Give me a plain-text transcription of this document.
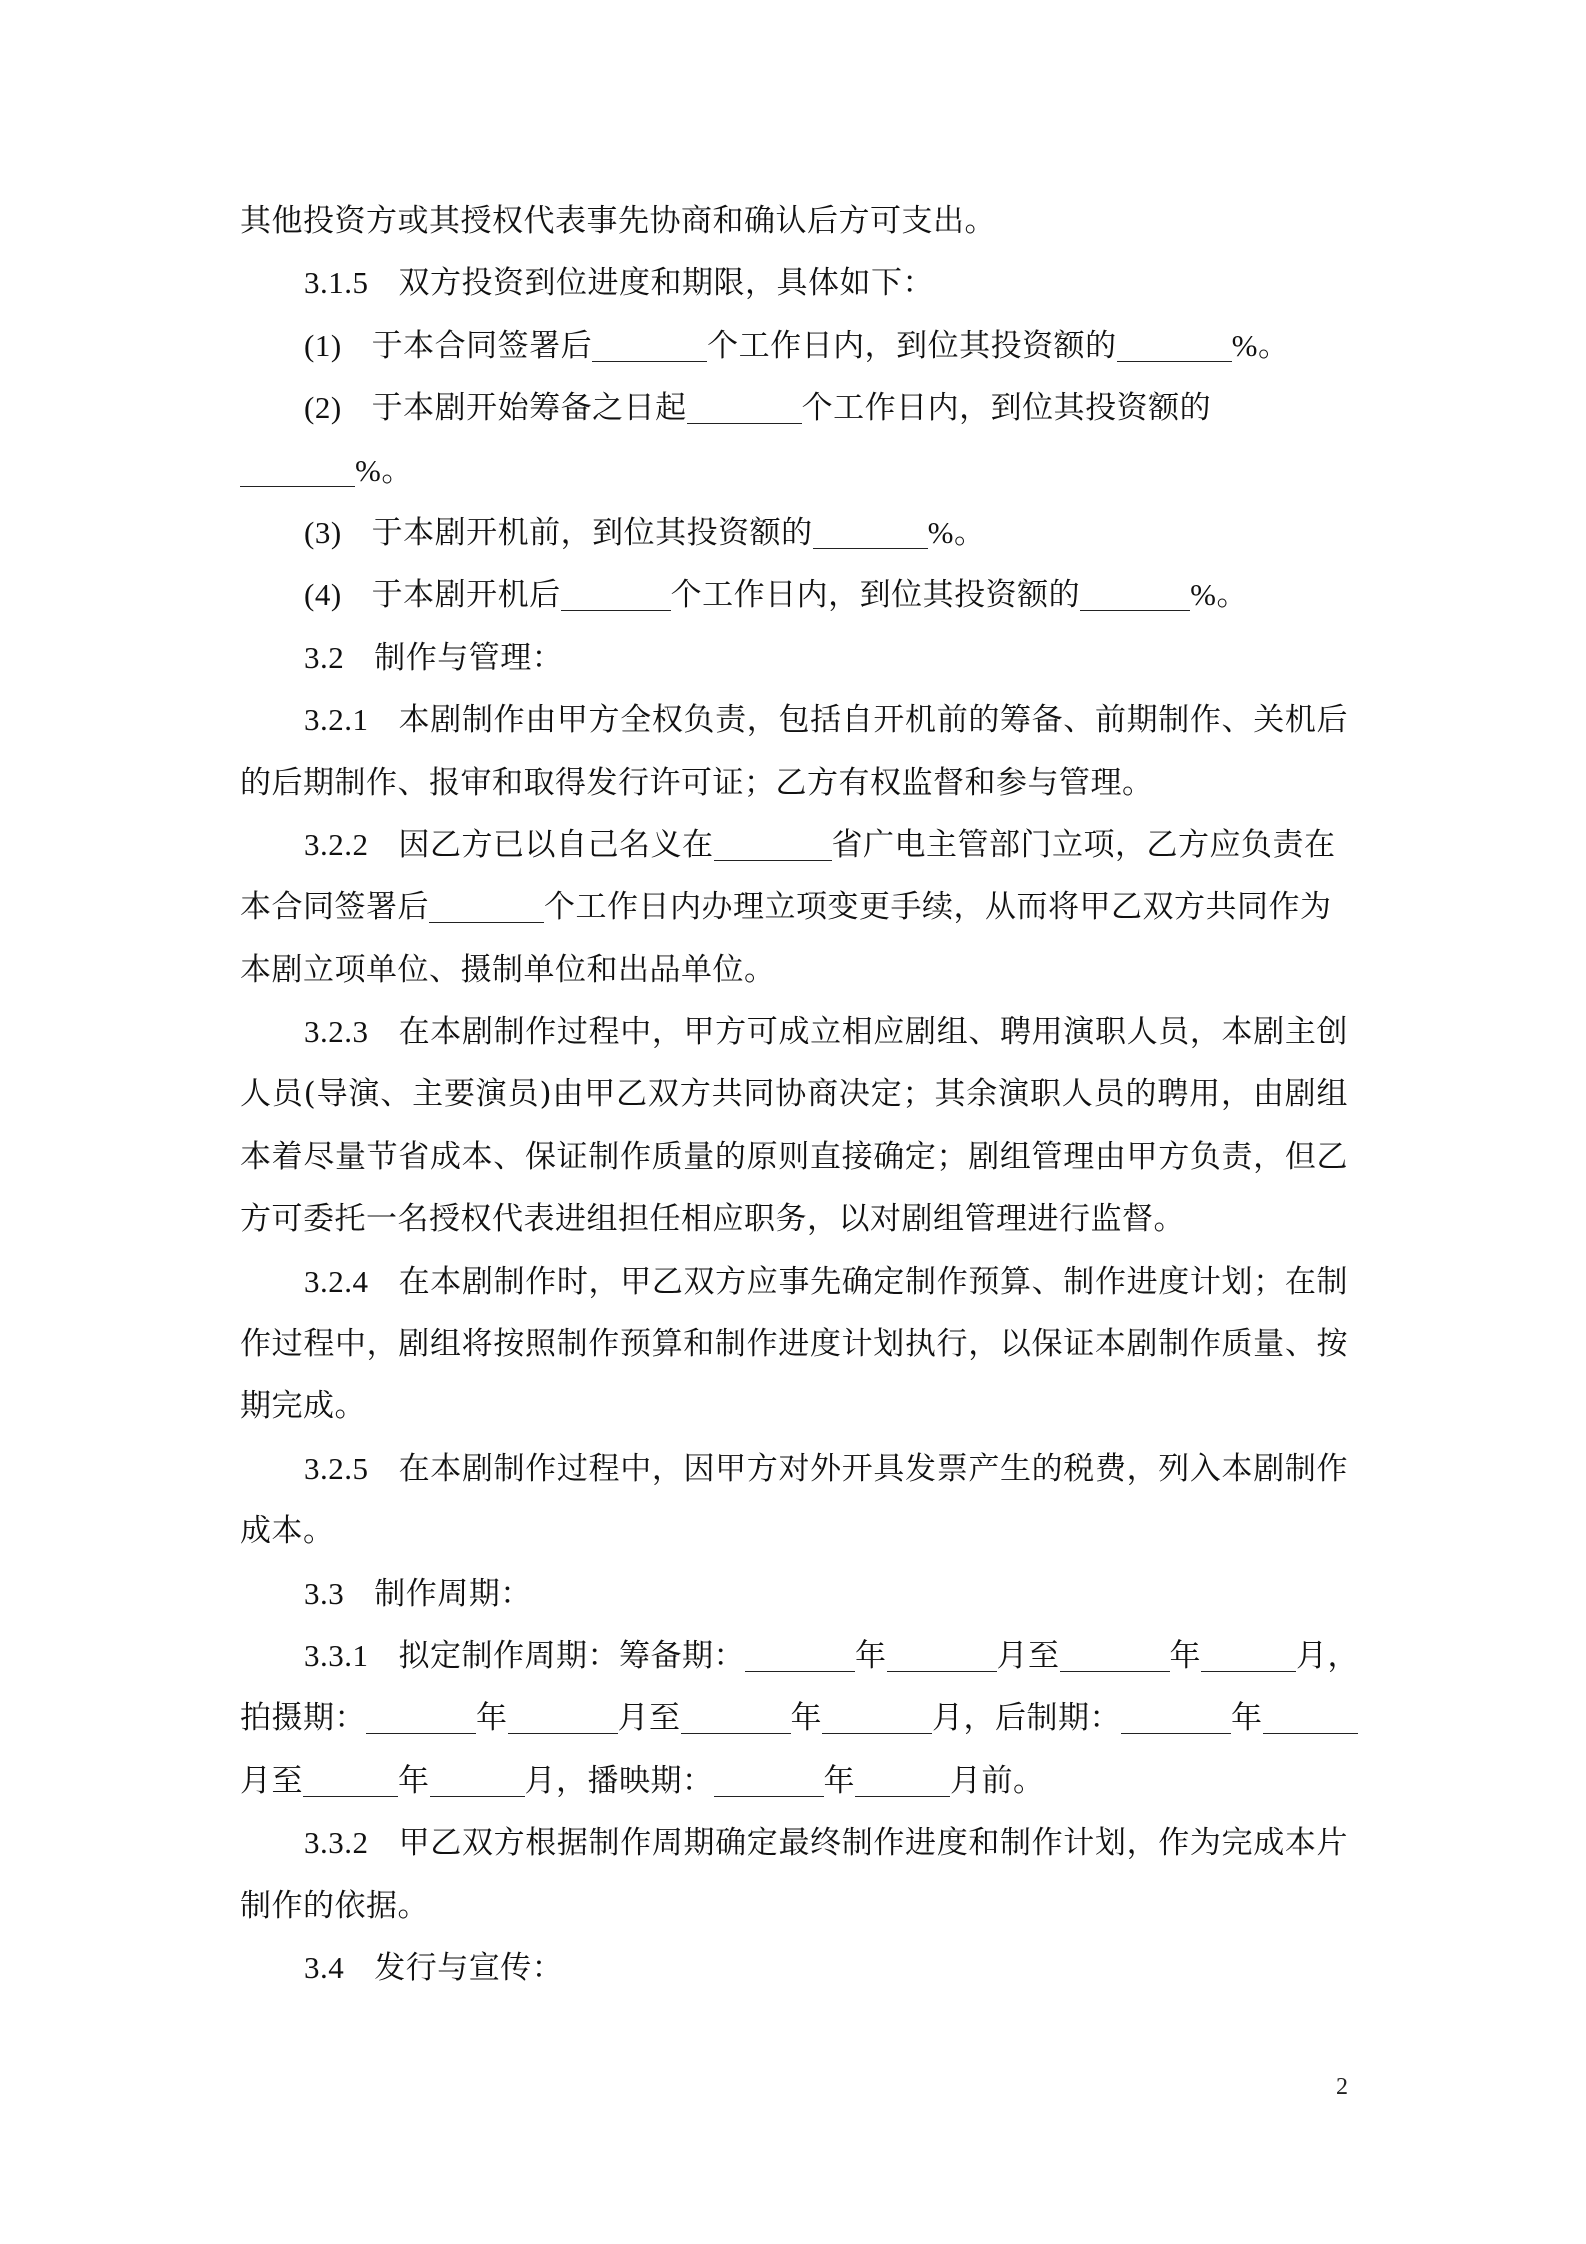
其他投资方或其授权代表事先协商和确认后方可支出。
3.1.5 双方投资到位进度和期限，具体如下：
(1) 于本合同签署后	个工作日内，到位其投资额的	%。
(2) 于本剧开始筹备之日起	个工作日内，到位其投资额的
%。
(3) 于本剧开机前，到位其投资额的	%。
(4) 于本剧开机后	个工作日内，到位其投资额的	%。
3.2 制作与管理：
3.2.1 本剧制作由甲方全权负责，包括自开机前的筹备、前期制作、关机后
的后期制作、报审和取得发行许可证；乙方有权监督和参与管理。
3.2.2 因乙方已以自己名义在	省广电主管部门立项，乙方应负责在
本合同签署后	个工作日内办理立项变更手续，从而将甲乙双方共同作为
本剧立项单位、摄制单位和出品单位。
3.2.3 在本剧制作过程中，甲方可成立相应剧组、聘用演职人员，本剧主创
人员(导演、主要演员)由甲乙双方共同协商决定；其余演职人员的聘用，由剧组
本着尽量节省成本、保证制作质量的原则直接确定；剧组管理由甲方负责，但乙
方可委托一名授权代表进组担任相应职务，以对剧组管理进行监督。
3.2.4 在本剧制作时，甲乙双方应事先确定制作预算、制作进度计划；在制
作过程中，剧组将按照制作预算和制作进度计划执行，以保证本剧制作质量、按
期完成。
3.2.5 在本剧制作过程中，因甲方对外开具发票产生的税费，列入本剧制作
成本。
3.3 制作周期：
3.3.1 拟定制作周期：筹备期：	年	月至	年	月，
拍摄期：	年	月至	年	月，后制期：	年
月至	年	月，播映期：	年	月前。
3.3.2 甲乙双方根据制作周期确定最终制作进度和制作计划，作为完成本片
制作的依据。
3.4 发行与宣传：
2
